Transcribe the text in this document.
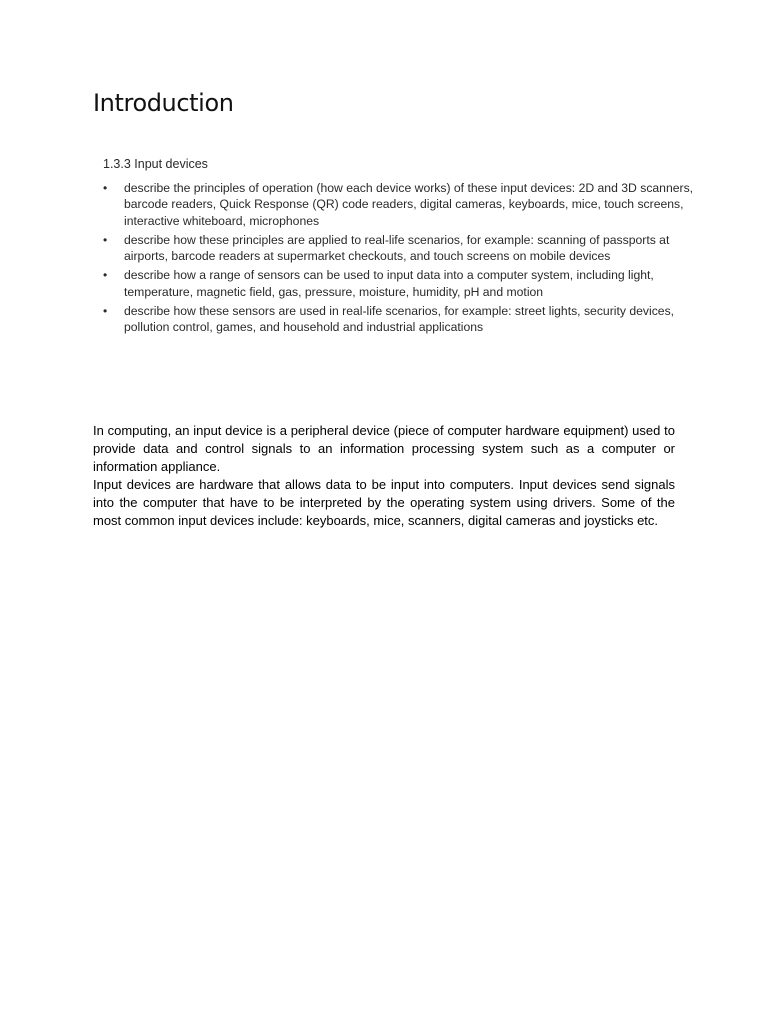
Introduction
1.3.3 Input devices
• describe the principles of operation (how each device works) of these input devices: 2D and 3D scanners, barcode readers, Quick Response (QR) code readers, digital cameras, keyboards, mice, touch screens, interactive whiteboard, microphones
• describe how these principles are applied to real-life scenarios, for example: scanning of passports at airports, barcode readers at supermarket checkouts, and touch screens on mobile devices
• describe how a range of sensors can be used to input data into a computer system, including light, temperature, magnetic field, gas, pressure, moisture, humidity, pH and motion
• describe how these sensors are used in real-life scenarios, for example: street lights, security devices, pollution control, games, and household and industrial applications

In computing, an input device is a peripheral device (piece of computer hardware equipment) used to provide data and control signals to an information processing system such as a computer or information appliance.

Input devices are hardware that allows data to be input into computers. Input devices send signals into the computer that have to be interpreted by the operating system using drivers. Some of the most common input devices include: keyboards, mice, scanners, digital cameras and joysticks etc.
